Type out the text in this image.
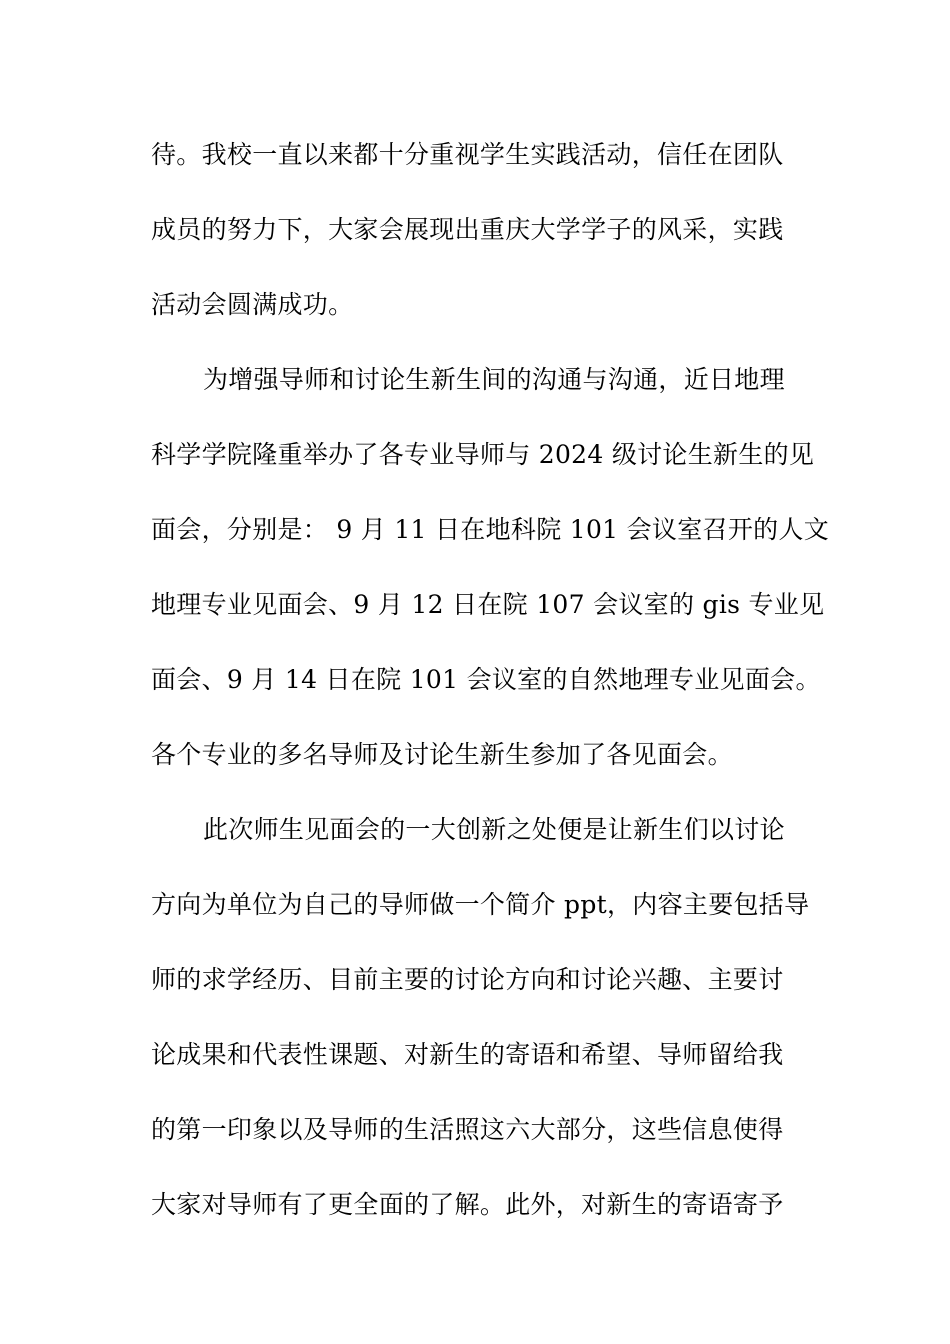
待。我校一直以来都十分重视学生实践活动，信任在团队
成员的努力下，大家会展现出重庆大学学子的风采，实践
活动会圆满成功。
为增强导师和讨论生新生间的沟通与沟通，近日地理
科学学院隆重举办了各专业导师与 2024 级讨论生新生的见
面会，分别是： 9 月 11 日在地科院 101 会议室召开的人文
地理专业见面会、9 月 12 日在院 107 会议室的 gis 专业见
面会、9 月 14 日在院 101 会议室的自然地理专业见面会。
各个专业的多名导师及讨论生新生参加了各见面会。
此次师生见面会的一大创新之处便是让新生们以讨论
方向为单位为自己的导师做一个简介 ppt，内容主要包括导
师的求学经历、目前主要的讨论方向和讨论兴趣、主要讨
论成果和代表性课题、对新生的寄语和希望、导师留给我
的第一印象以及导师的生活照这六大部分，这些信息使得
大家对导师有了更全面的了解。此外，对新生的寄语寄予
